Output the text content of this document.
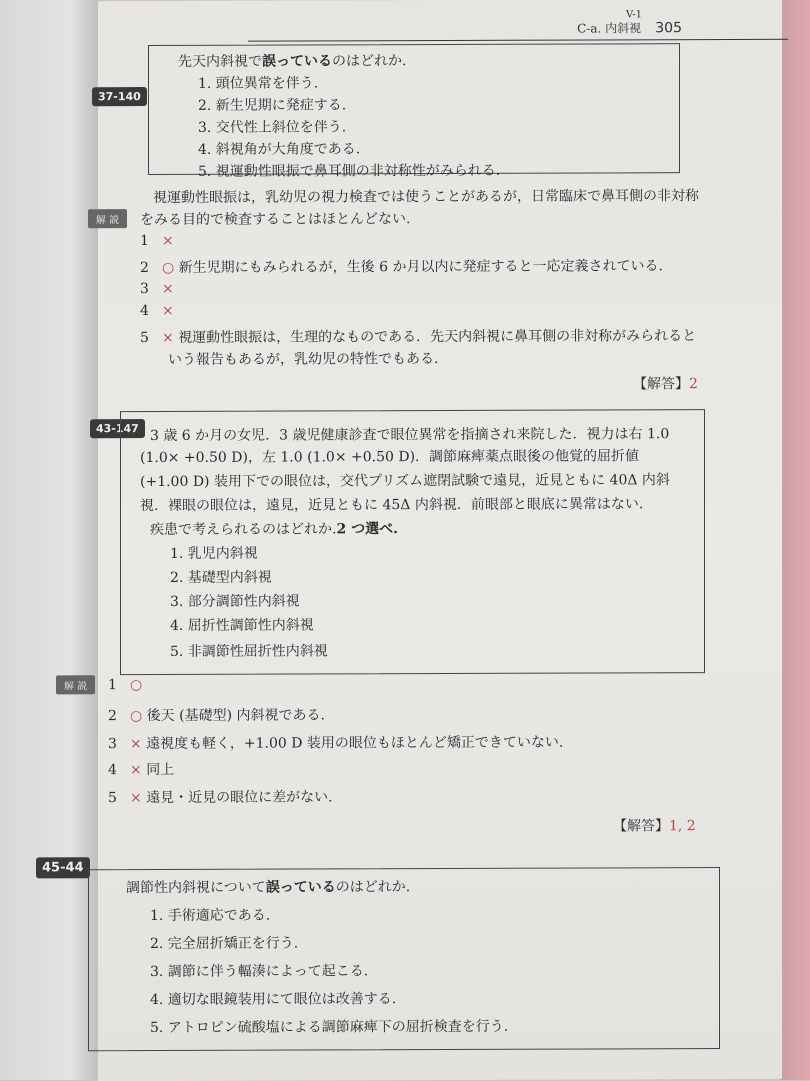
V-1
C-a. 内斜視 305
37-140
先天内斜視で誤っているのはどれか.
1. 頭位異常を伴う.
2. 新生児期に発症する.
3. 交代性上斜位を伴う.
4. 斜視角が大角度である.
5. 視運動性眼振で鼻耳側の非対称性がみられる.
解 説
視運動性眼振は，乳幼児の視力検査では使うことがあるが，日常臨床で鼻耳側の非対称
をみる目的で検査することはほとんどない.
1 ×
2 ○ 新生児期にもみられるが，生後 6 か月以内に発症すると一応定義されている.
3 ×
4 ×
5 × 視運動性眼振は，生理的なものである．先天内斜視に鼻耳側の非対称がみられると
いう報告もあるが，乳幼児の特性でもある.
【解答】2
43-147 3 歳 6 か月の女児．3 歳児健康診査で眼位異常を指摘され来院した．視力は右 1.0
(1.0× +0.50 D)，左 1.0 (1.0× +0.50 D)．調節麻痺薬点眼後の他覚的屈折値
(+1.00 D) 装用下での眼位は，交代プリズム遮閉試験で遠見，近見ともに 40Δ 内斜
視．裸眼の眼位は，遠見，近見ともに 45Δ 内斜視．前眼部と眼底に異常はない.
疾患で考えられるのはどれか.2 つ選べ.
1. 乳児内斜視
2. 基礎型内斜視
3. 部分調節性内斜視
4. 屈折性調節性内斜視
5. 非調節性屈折性内斜視
解 説	1 ○
2 ○ 後天 (基礎型) 内斜視である.
3 × 遠視度も軽く，+1.00 D 装用の眼位もほとんど矯正できていない.
4 × 同上
5 × 遠見・近見の眼位に差がない.
【解答】1, 2
45-44
調節性内斜視について誤っているのはどれか.
1. 手術適応である.
2. 完全屈折矯正を行う.
3. 調節に伴う輻湊によって起こる.
4. 適切な眼鏡装用にて眼位は改善する.
5. アトロピン硫酸塩による調節麻痺下の屈折検査を行う.
